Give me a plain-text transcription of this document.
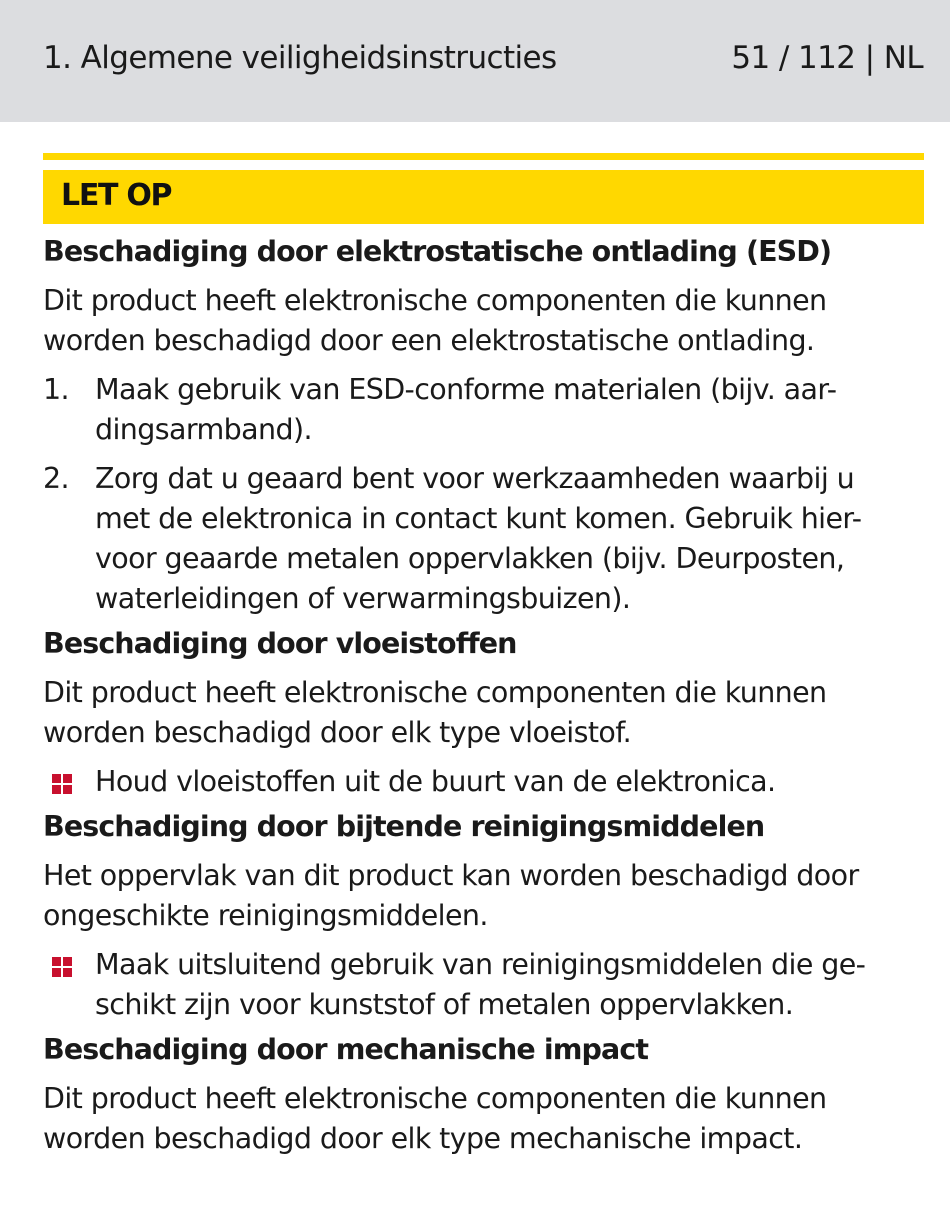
1. Algemene veiligheidsinstructies	51 / 112 | NL
LET OP
Beschadiging door elektrostatische ontlading (ESD)
Dit product heeft elektronische componenten die kunnen
worden beschadigd door een elektrostatische ontlading.
1. Maak gebruik van ESD-conforme materialen (bijv. aar-
dingsarmband).
2. Zorg dat u geaard bent voor werkzaamheden waarbij u
met de elektronica in contact kunt komen. Gebruik hier-
voor geaarde metalen oppervlakken (bijv. Deurposten,
waterleidingen of verwarmingsbuizen).
Beschadiging door vloeistoffen
Dit product heeft elektronische componenten die kunnen
worden beschadigd door elk type vloeistof.
Houd vloeistoffen uit de buurt van de elektronica.
Beschadiging door bijtende reinigingsmiddelen
Het oppervlak van dit product kan worden beschadigd door
ongeschikte reinigingsmiddelen.
Maak uitsluitend gebruik van reinigingsmiddelen die ge-
schikt zijn voor kunststof of metalen oppervlakken.
Beschadiging door mechanische impact
Dit product heeft elektronische componenten die kunnen
worden beschadigd door elk type mechanische impact.
